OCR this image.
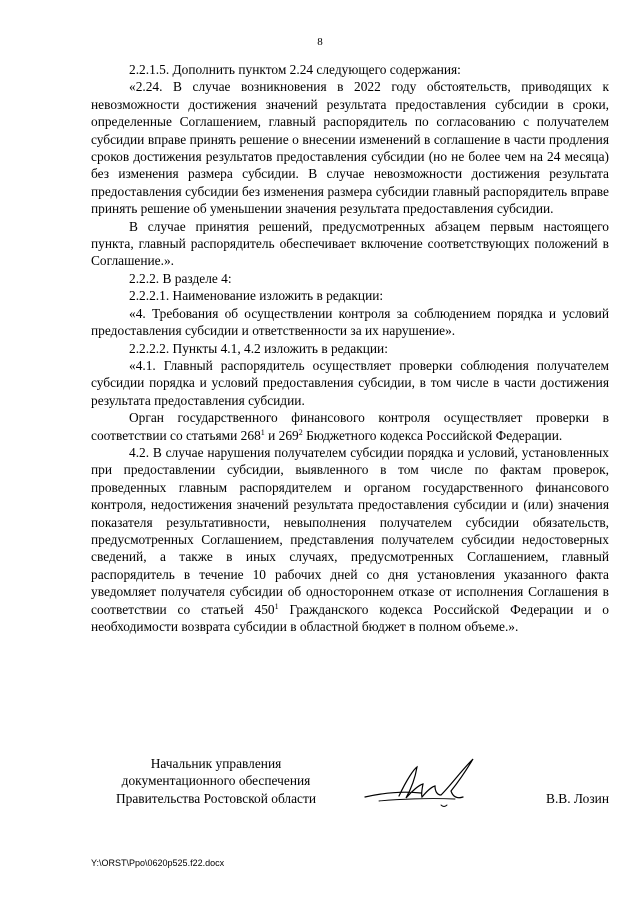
8

2.2.1.5. Дополнить пунктом 2.24 следующего содержания:

«2.24. В случае возникновения в 2022 году обстоятельств, приводящих к невозможности достижения значений результата предоставления субсидии в сроки, определенные Соглашением, главный распорядитель по согласованию с получателем субсидии вправе принять решение о внесении изменений в соглашение в части продления сроков достижения результатов предоставления субсидии (но не более чем на 24 месяца) без изменения размера субсидии. В случае невозможности достижения результата предоставления субсидии без изменения размера субсидии главный распорядитель вправе принять решение об уменьшении значения результата предоставления субсидии.

В случае принятия решений, предусмотренных абзацем первым настоящего пункта, главный распорядитель обеспечивает включение соответствующих положений в Соглашение.».

2.2.2. В разделе 4:

2.2.2.1. Наименование изложить в редакции:

«4. Требования об осуществлении контроля за соблюдением порядка и условий предоставления субсидии и ответственности за их нарушение».

2.2.2.2. Пункты 4.1, 4.2 изложить в редакции:

«4.1. Главный распорядитель осуществляет проверки соблюдения получателем субсидии порядка и условий предоставления субсидии, в том числе в части достижения результата предоставления субсидии.

Орган государственного финансового контроля осуществляет проверки в соответствии со статьями $268^1$ и $269^2$ Бюджетного кодекса Российской Федерации.

4.2. В случае нарушения получателем субсидии порядка и условий, установленных при предоставлении субсидии, выявленного в том числе по фактам проверок, проведенных главным распорядителем и органом государственного финансового контроля, недостижения значений результата предоставления субсидии и (или) значения показателя результативности, невыполнения получателем субсидии обязательств, предусмотренных Соглашением, представления получателем субсидии недостоверных сведений, а также в иных случаях, предусмотренных Соглашением, главный распорядитель в течение 10 рабочих дней со дня установления указанного факта уведомляет получателя субсидии об одностороннем отказе от исполнения Соглашения в соответствии со статьей $450^1$ Гражданского кодекса Российской Федерации и о необходимости возврата субсидии в областной бюджет в полном объеме.».

Начальник управления
документационного обеспечения
Правительства Ростовской области	В.В. Лозин
Y:\ORST\Ppo\0620p525.f22.docx
